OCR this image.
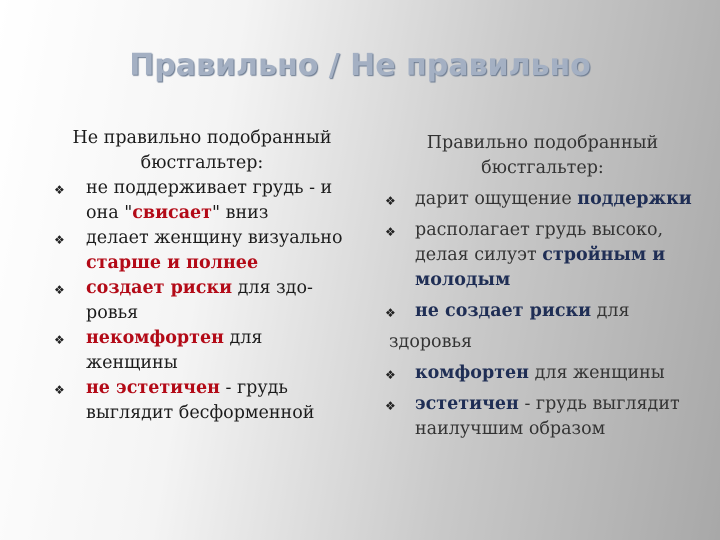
Правильно / Не правильно
Не правильно подобранный бюстгальтер:
❖ не поддерживает грудь - и она "свисает" вниз
❖ делает женщину визуально старше и полнее
❖ создает риски для здо-ровья
❖ некомфортен для женщины
❖ не эстетичен - грудь выглядит бесформенной
Правильно подобранный бюстгальтер:
❖ дарит ощущение поддержки
❖ располагает грудь высоко, делая силуэт стройным и молодым
❖ не создает риски для
здоровья
❖ комфортен для женщины
❖ эстетичен - грудь выглядит наилучшим образом
